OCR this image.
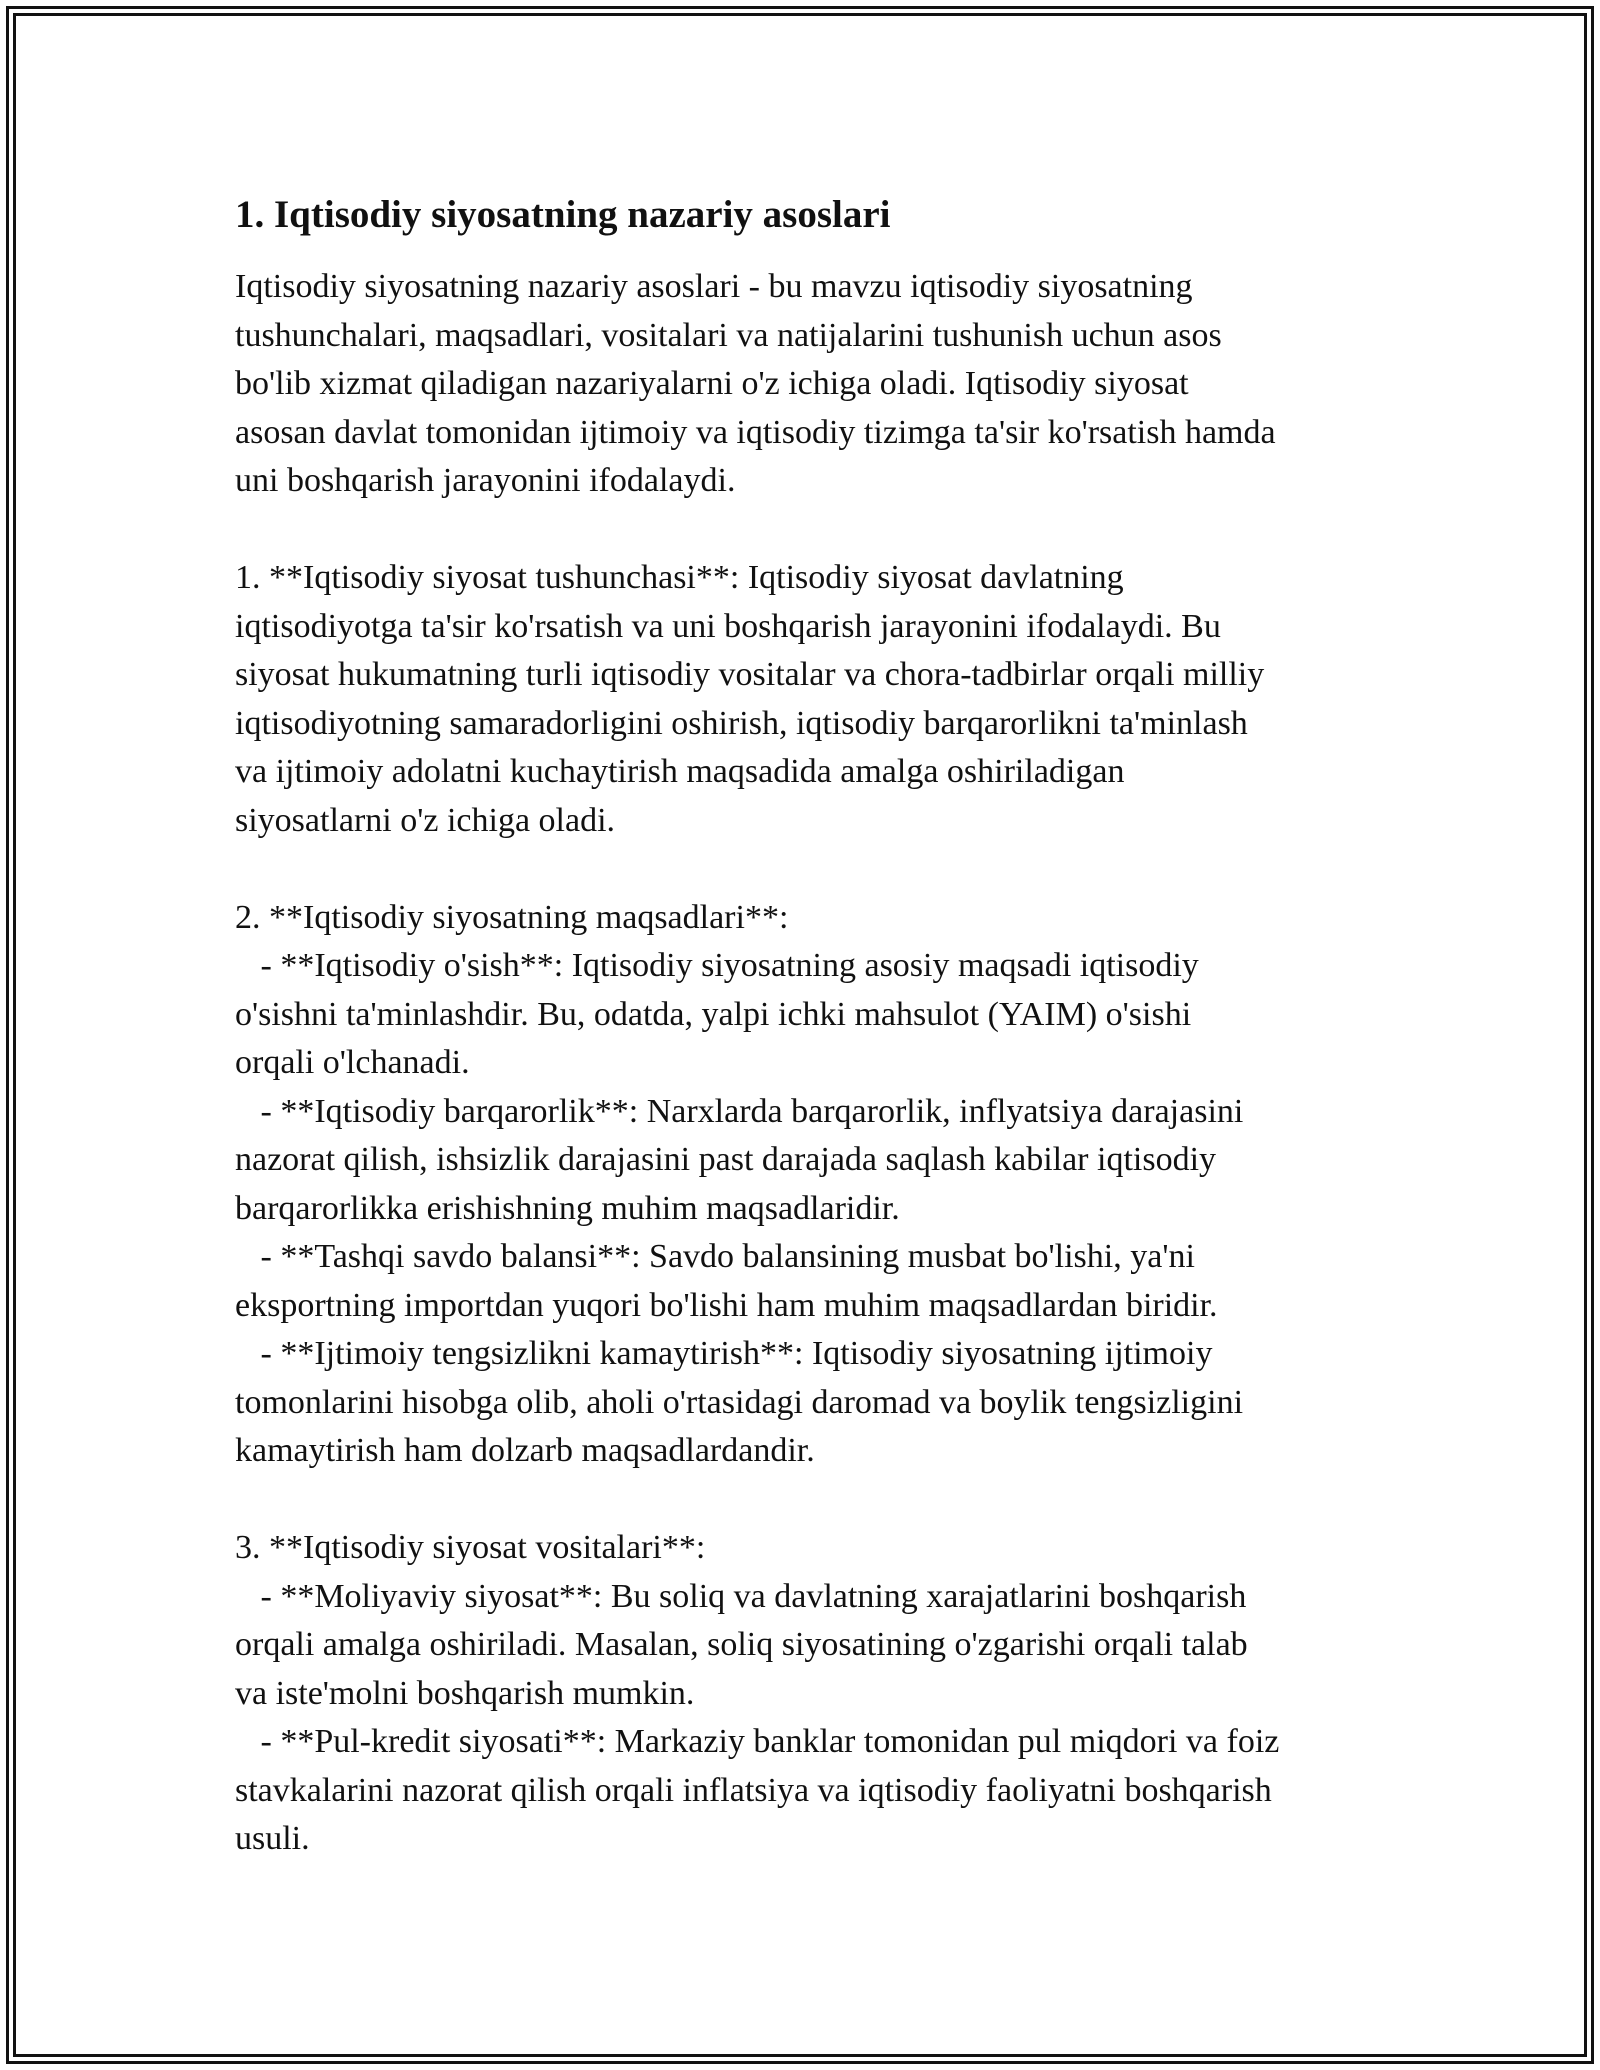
1. Iqtisodiy siyosatning nazariy asoslari
Iqtisodiy siyosatning nazariy asoslari - bu mavzu iqtisodiy siyosatning
tushunchalari, maqsadlari, vositalari va natijalarini tushunish uchun asos
bo'lib xizmat qiladigan nazariyalarni o'z ichiga oladi. Iqtisodiy siyosat
asosan davlat tomonidan ijtimoiy va iqtisodiy tizimga ta'sir ko'rsatish hamda
uni boshqarish jarayonini ifodalaydi.
1. **Iqtisodiy siyosat tushunchasi**: Iqtisodiy siyosat davlatning
iqtisodiyotga ta'sir ko'rsatish va uni boshqarish jarayonini ifodalaydi. Bu
siyosat hukumatning turli iqtisodiy vositalar va chora-tadbirlar orqali milliy
iqtisodiyotning samaradorligini oshirish, iqtisodiy barqarorlikni ta'minlash
va ijtimoiy adolatni kuchaytirish maqsadida amalga oshiriladigan
siyosatlarni o'z ichiga oladi.
2. **Iqtisodiy siyosatning maqsadlari**:
- **Iqtisodiy o'sish**: Iqtisodiy siyosatning asosiy maqsadi iqtisodiy
o'sishni ta'minlashdir. Bu, odatda, yalpi ichki mahsulot (YAIM) o'sishi
orqali o'lchanadi.
- **Iqtisodiy barqarorlik**: Narxlarda barqarorlik, inflyatsiya darajasini
nazorat qilish, ishsizlik darajasini past darajada saqlash kabilar iqtisodiy
barqarorlikka erishishning muhim maqsadlaridir.
- **Tashqi savdo balansi**: Savdo balansining musbat bo'lishi, ya'ni
eksportning importdan yuqori bo'lishi ham muhim maqsadlardan biridir.
- **Ijtimoiy tengsizlikni kamaytirish**: Iqtisodiy siyosatning ijtimoiy
tomonlarini hisobga olib, aholi o'rtasidagi daromad va boylik tengsizligini
kamaytirish ham dolzarb maqsadlardandir.
3. **Iqtisodiy siyosat vositalari**:
- **Moliyaviy siyosat**: Bu soliq va davlatning xarajatlarini boshqarish
orqali amalga oshiriladi. Masalan, soliq siyosatining o'zgarishi orqali talab
va iste'molni boshqarish mumkin.
- **Pul-kredit siyosati**: Markaziy banklar tomonidan pul miqdori va foiz
stavkalarini nazorat qilish orqali inflatsiya va iqtisodiy faoliyatni boshqarish
usuli.
